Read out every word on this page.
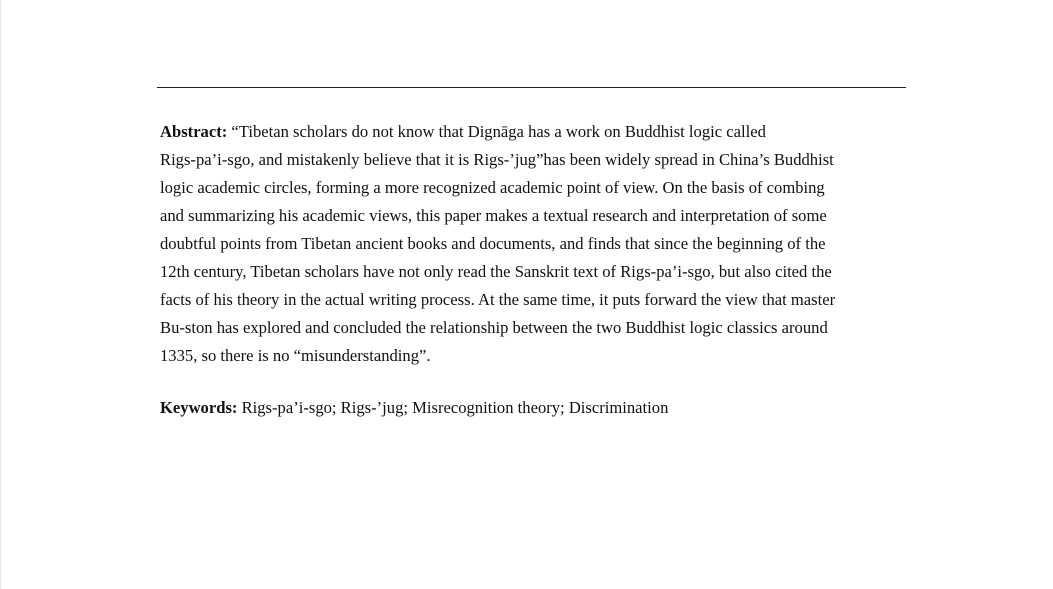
Abstract: “Tibetan scholars do not know that Dignāga has a work on Buddhist logic called
Rigs-pa’i-sgo, and mistakenly believe that it is Rigs-’jug”has been widely spread in China’s Buddhist
logic academic circles, forming a more recognized academic point of view. On the basis of combing
and summarizing his academic views, this paper makes a textual research and interpretation of some
doubtful points from Tibetan ancient books and documents, and finds that since the beginning of the
12th century, Tibetan scholars have not only read the Sanskrit text of Rigs-pa’i-sgo, but also cited the
facts of his theory in the actual writing process. At the same time, it puts forward the view that master
Bu-ston has explored and concluded the relationship between the two Buddhist logic classics around
1335, so there is no “misunderstanding”.

Keywords: Rigs-pa’i-sgo; Rigs-’jug; Misrecognition theory; Discrimination
